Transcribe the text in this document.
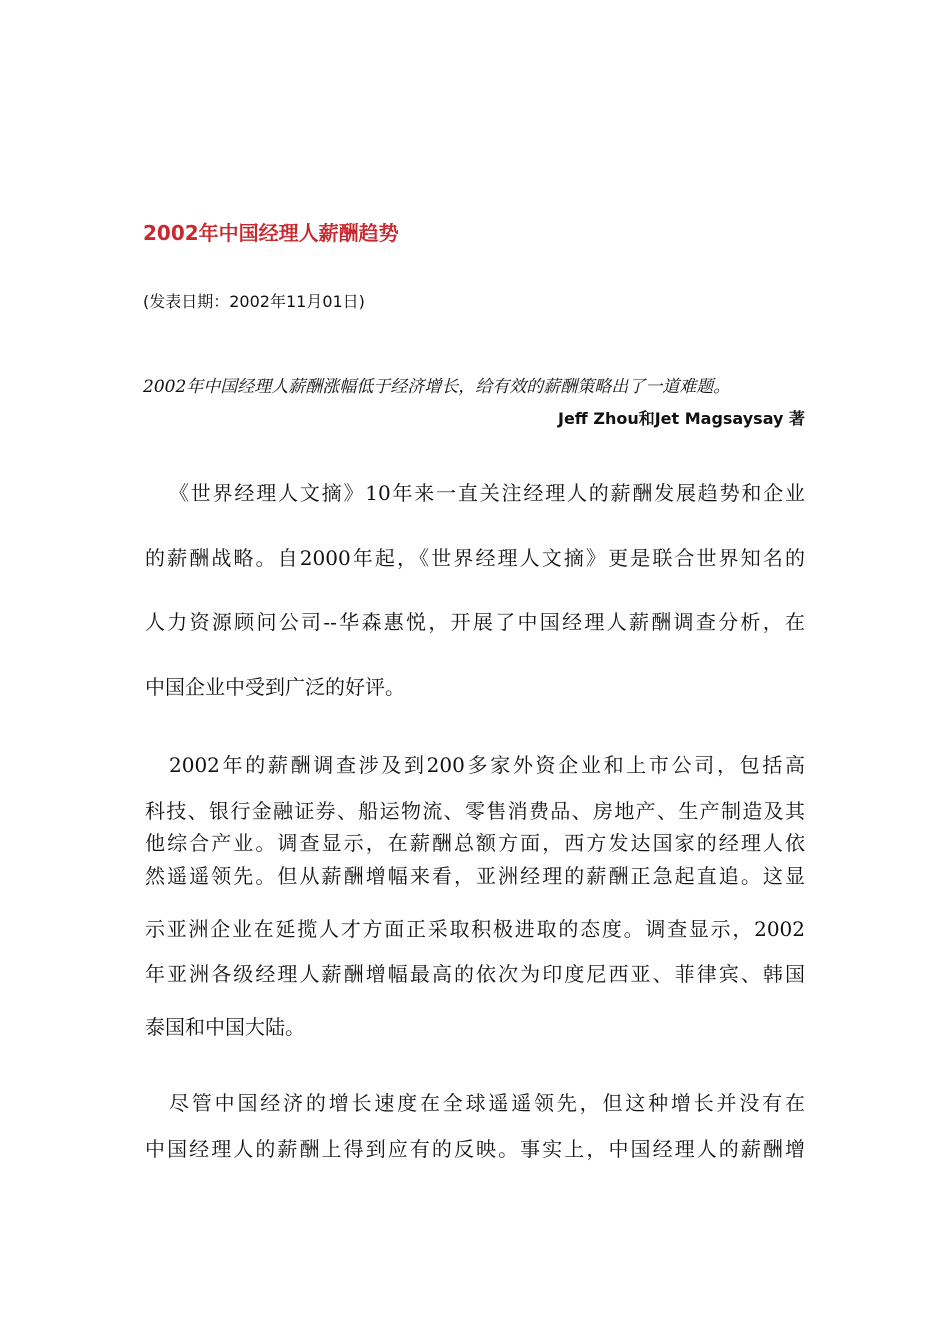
2002年中国经理人薪酬趋势
(发表日期：2002年11月01日)
2002年中国经理人薪酬涨幅低于经济增长，给有效的薪酬策略出了一道难题。
Jeff Zhou和Jet Magsaysay 著
《世界经理人文摘》10年来一直关注经理人的薪酬发展趋势和企业
的薪酬战略。自2000年起，《世界经理人文摘》更是联合世界知名的
人力资源顾问公司--华森惠悦，开展了中国经理人薪酬调查分析，在
中国企业中受到广泛的好评。
2002年的薪酬调查涉及到200多家外资企业和上市公司，包括高
科技、银行金融证券、船运物流、零售消费品、房地产、生产制造及其
他综合产业。调查显示，在薪酬总额方面，西方发达国家的经理人依
然遥遥领先。但从薪酬增幅来看，亚洲经理的薪酬正急起直追。这显
示亚洲企业在延揽人才方面正采取积极进取的态度。调查显示，2002
年亚洲各级经理人薪酬增幅最高的依次为印度尼西亚、菲律宾、韩国
泰国和中国大陆。
尽管中国经济的增长速度在全球遥遥领先，但这种增长并没有在
中国经理人的薪酬上得到应有的反映。事实上，中国经理人的薪酬增
